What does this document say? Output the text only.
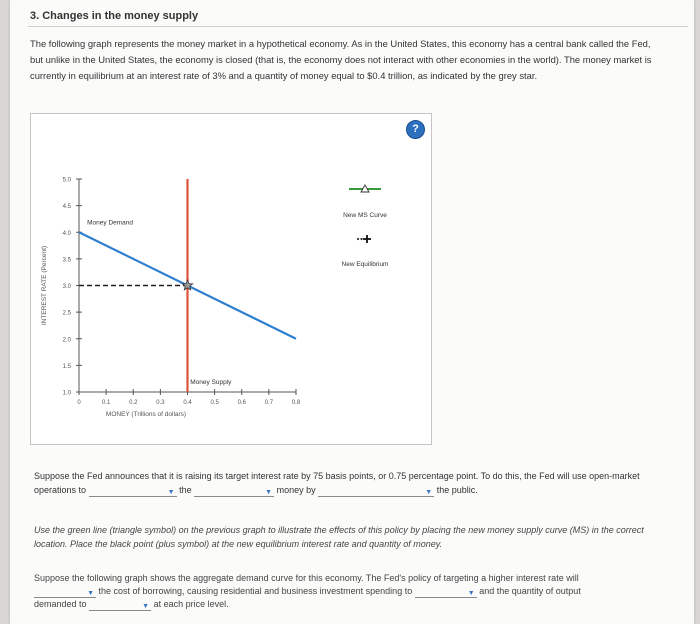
3. Changes in the money supply
The following graph represents the money market in a hypothetical economy. As in the United States, this economy has a central bank called the Fed, but unlike in the United States, the economy is closed (that is, the economy does not interact with other economies in the world). The money market is currently in equilibrium at an interest rate of 3% and a quantity of money equal to $0.4 trillion, as indicated by the grey star.
?
1.0
1.5
2.0
2.5
3.0
3.5
4.0
4.5
5.0
0	0.1	0.2	0.3	0.4	0.5	0.6	0.7	0.8
MONEY (Trillions of dollars)
INTEREST RATE (Percent)
Money Demand
Money Supply
New MS Curve
New Equilibrium
Suppose the Fed announces that it is raising its target interest rate by 75 basis points, or 0.75 percentage point. To do this, the Fed will use open-market operations to	▼ the	▼ money by	▼ the public.
Use the green line (triangle symbol) on the previous graph to illustrate the effects of this policy by placing the new money supply curve (MS) in the correct location. Place the black point (plus symbol) at the new equilibrium interest rate and quantity of money.
Suppose the following graph shows the aggregate demand curve for this economy. The Fed's policy of targeting a higher interest rate will

▼ the cost of borrowing, causing residential and business investment spending to	▼ and the quantity of output
demanded to	▼ at each price level.
